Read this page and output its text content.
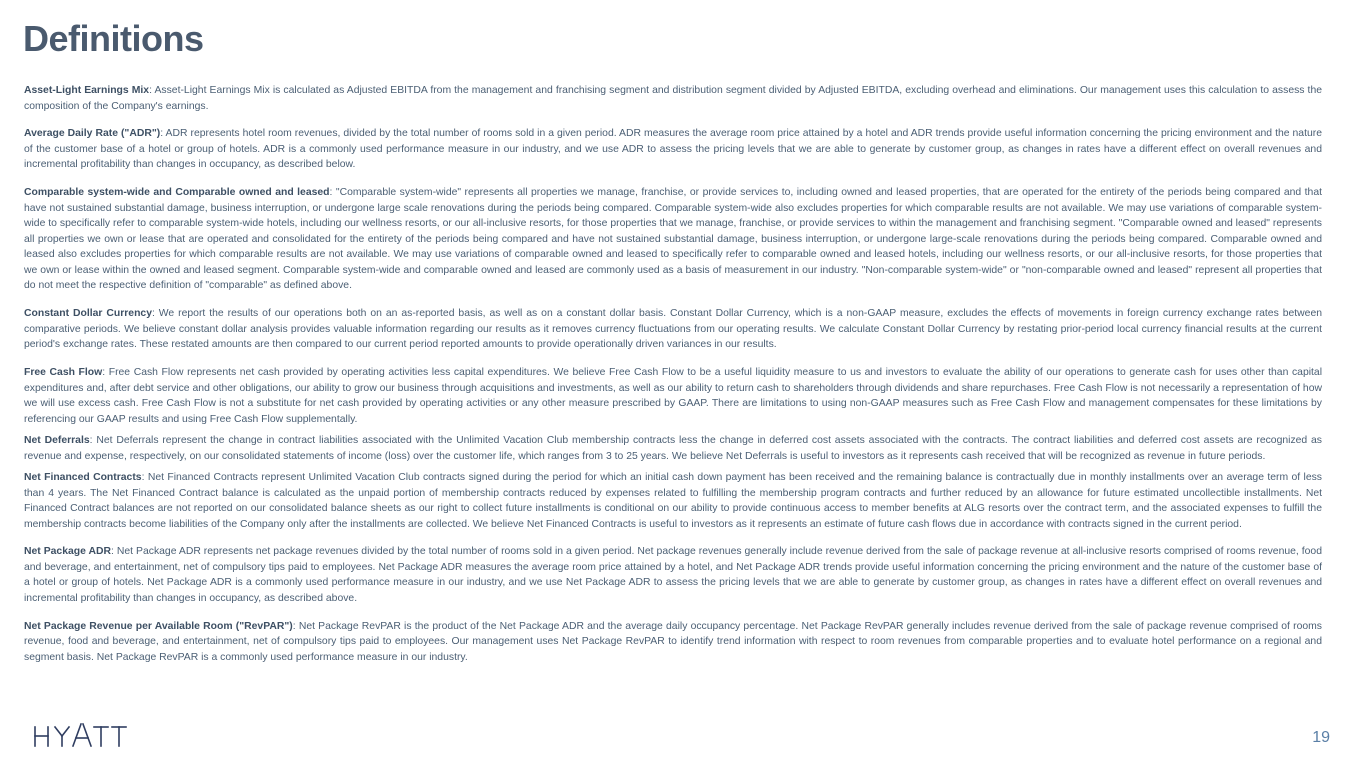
Definitions

Asset-Light Earnings Mix: Asset-Light Earnings Mix is calculated as Adjusted EBITDA from the management and franchising segment and distribution segment divided by Adjusted EBITDA, excluding overhead and eliminations. Our management uses this calculation to assess the composition of the Company's earnings.

Average Daily Rate ("ADR"): ADR represents hotel room revenues, divided by the total number of rooms sold in a given period. ADR measures the average room price attained by a hotel and ADR trends provide useful information concerning the pricing environment and the nature of the customer base of a hotel or group of hotels. ADR is a commonly used performance measure in our industry, and we use ADR to assess the pricing levels that we are able to generate by customer group, as changes in rates have a different effect on overall revenues and incremental profitability than changes in occupancy, as described below.

Comparable system-wide and Comparable owned and leased: "Comparable system-wide" represents all properties we manage, franchise, or provide services to, including owned and leased properties, that are operated for the entirety of the periods being compared and that have not sustained substantial damage, business interruption, or undergone large scale renovations during the periods being compared. Comparable system-wide also excludes properties for which comparable results are not available. We may use variations of comparable system-wide to specifically refer to comparable system-wide hotels, including our wellness resorts, or our all-inclusive resorts, for those properties that we manage, franchise, or provide services to within the management and franchising segment. "Comparable owned and leased" represents all properties we own or lease that are operated and consolidated for the entirety of the periods being compared and have not sustained substantial damage, business interruption, or undergone large-scale renovations during the periods being compared. Comparable owned and leased also excludes properties for which comparable results are not available. We may use variations of comparable owned and leased to specifically refer to comparable owned and leased hotels, including our wellness resorts, or our all-inclusive resorts, for those properties that we own or lease within the owned and leased segment. Comparable system-wide and comparable owned and leased are commonly used as a basis of measurement in our industry. "Non-comparable system-wide" or "non-comparable owned and leased" represent all properties that do not meet the respective definition of "comparable" as defined above.

Constant Dollar Currency: We report the results of our operations both on an as-reported basis, as well as on a constant dollar basis. Constant Dollar Currency, which is a non-GAAP measure, excludes the effects of movements in foreign currency exchange rates between comparative periods. We believe constant dollar analysis provides valuable information regarding our results as it removes currency fluctuations from our operating results. We calculate Constant Dollar Currency by restating prior-period local currency financial results at the current period's exchange rates. These restated amounts are then compared to our current period reported amounts to provide operationally driven variances in our results.

Free Cash Flow: Free Cash Flow represents net cash provided by operating activities less capital expenditures. We believe Free Cash Flow to be a useful liquidity measure to us and investors to evaluate the ability of our operations to generate cash for uses other than capital expenditures and, after debt service and other obligations, our ability to grow our business through acquisitions and investments, as well as our ability to return cash to shareholders through dividends and share repurchases. Free Cash Flow is not necessarily a representation of how we will use excess cash. Free Cash Flow is not a substitute for net cash provided by operating activities or any other measure prescribed by GAAP. There are limitations to using non-GAAP measures such as Free Cash Flow and management compensates for these limitations by referencing our GAAP results and using Free Cash Flow supplementally.

Net Deferrals: Net Deferrals represent the change in contract liabilities associated with the Unlimited Vacation Club membership contracts less the change in deferred cost assets associated with the contracts. The contract liabilities and deferred cost assets are recognized as revenue and expense, respectively, on our consolidated statements of income (loss) over the customer life, which ranges from 3 to 25 years. We believe Net Deferrals is useful to investors as it represents cash received that will be recognized as revenue in future periods.

Net Financed Contracts: Net Financed Contracts represent Unlimited Vacation Club contracts signed during the period for which an initial cash down payment has been received and the remaining balance is contractually due in monthly installments over an average term of less than 4 years. The Net Financed Contract balance is calculated as the unpaid portion of membership contracts reduced by expenses related to fulfilling the membership program contracts and further reduced by an allowance for future estimated uncollectible installments. Net Financed Contract balances are not reported on our consolidated balance sheets as our right to collect future installments is conditional on our ability to provide continuous access to member benefits at ALG resorts over the contract term, and the associated expenses to fulfill the membership contracts become liabilities of the Company only after the installments are collected. We believe Net Financed Contracts is useful to investors as it represents an estimate of future cash flows due in accordance with contracts signed in the current period.

Net Package ADR: Net Package ADR represents net package revenues divided by the total number of rooms sold in a given period. Net package revenues generally include revenue derived from the sale of package revenue at all-inclusive resorts comprised of rooms revenue, food and beverage, and entertainment, net of compulsory tips paid to employees. Net Package ADR measures the average room price attained by a hotel, and Net Package ADR trends provide useful information concerning the pricing environment and the nature of the customer base of a hotel or group of hotels. Net Package ADR is a commonly used performance measure in our industry, and we use Net Package ADR to assess the pricing levels that we are able to generate by customer group, as changes in rates have a different effect on overall revenues and incremental profitability than changes in occupancy, as described above.

Net Package Revenue per Available Room ("RevPAR"): Net Package RevPAR is the product of the Net Package ADR and the average daily occupancy percentage. Net Package RevPAR generally includes revenue derived from the sale of package revenue comprised of rooms revenue, food and beverage, and entertainment, net of compulsory tips paid to employees. Our management uses Net Package RevPAR to identify trend information with respect to room revenues from comparable properties and to evaluate hotel performance on a regional and segment basis. Net Package RevPAR is a commonly used performance measure in our industry.

19
